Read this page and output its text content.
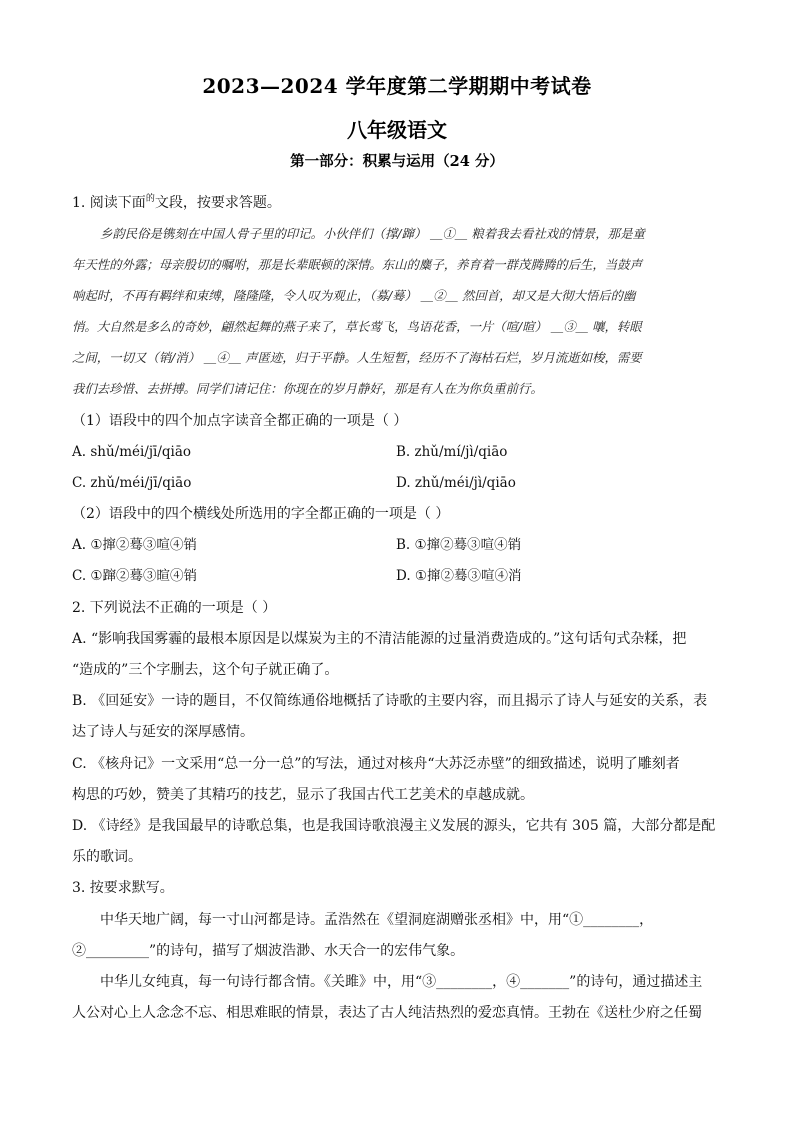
2023—2024 学年度第二学期期中考试卷
八年级语文
第一部分：积累与运用（24 分）
1. 阅读下面$^的$文段，按要求答题。
乡韵民俗是镌刻在中国人骨子里的印记。小伙伴们（撑/蹿） ＿①＿ 粮着我去看社戏的情景，那是童
年天性的外露；母亲殷切的嘱咐，那是长辈眠顿的深情。东山的麋子，养育着一群茂腾腾的后生，当鼓声
响起时，不再有羁绊和束缚，隆隆隆，令人叹为观止，（募/蓦） ＿②＿ 然回首，却又是大彻大悟后的幽
悄。大自然是多么的奇妙，翩然起舞的燕子来了，草长莺飞，鸟语花香，一片（喧/暄） ＿③＿ 嚷，转眼
之间，一切又（销/消） ＿④＿ 声匿迹，归于平静。人生短暂，经历不了海枯石烂，岁月流逝如梭，需要
我们去珍惜、去拼搏。同学们请记住：你现在的岁月静好，那是有人在为你负重前行。
（1）语段中的四个加点字读音全都正确的一项是（ ）
A. shǔ/méi/jī/qiāo	B. zhǔ/mí/jì/qiāo
C. zhǔ/méi/jī/qiāo	D. zhǔ/méi/jì/qiāo
（2）语段中的四个横线处所选用的字全都正确的一项是（ ）
A. ①撺②蓦③喧④销	B. ①撺②蓦③喧④销
C. ①蹿②蓦③暄④销	D. ①撺②蓦③喧④消
2. 下列说法不正确的一项是（ ）
A. “影响我国雾霾的最根本原因是以煤炭为主的不清洁能源的过量消费造成的。”这句话句式杂糅，把
“造成的”三个字删去，这个句子就正确了。
B. 《回延安》一诗的题目，不仅简练通俗地概括了诗歌的主要内容，而且揭示了诗人与延安的关系，表
达了诗人与延安的深厚感情。
C. 《核舟记》一文采用“总一分一总”的写法，通过对核舟“大苏泛赤壁”的细致描述，说明了雕刻者
构思的巧妙，赞美了其精巧的技艺，显示了我国古代工艺美术的卓越成就。
D. 《诗经》是我国最早的诗歌总集，也是我国诗歌浪漫主义发展的源头，它共有 305 篇，大部分都是配
乐的歌词。
3. 按要求默写。
中华天地广阔，每一寸山河都是诗。孟浩然在《望洞庭湖赠张丞相》中，用“①________，
②_________”的诗句，描写了烟波浩渺、水天合一的宏伟气象。
中华儿女纯真，每一句诗行都含情。《关雎》中，用“③________，④_______”的诗句，通过描述主
人公对心上人念念不忘、相思难眠的情景，表达了古人纯洁热烈的爱恋真情。王勃在《送杜少府之任蜀
